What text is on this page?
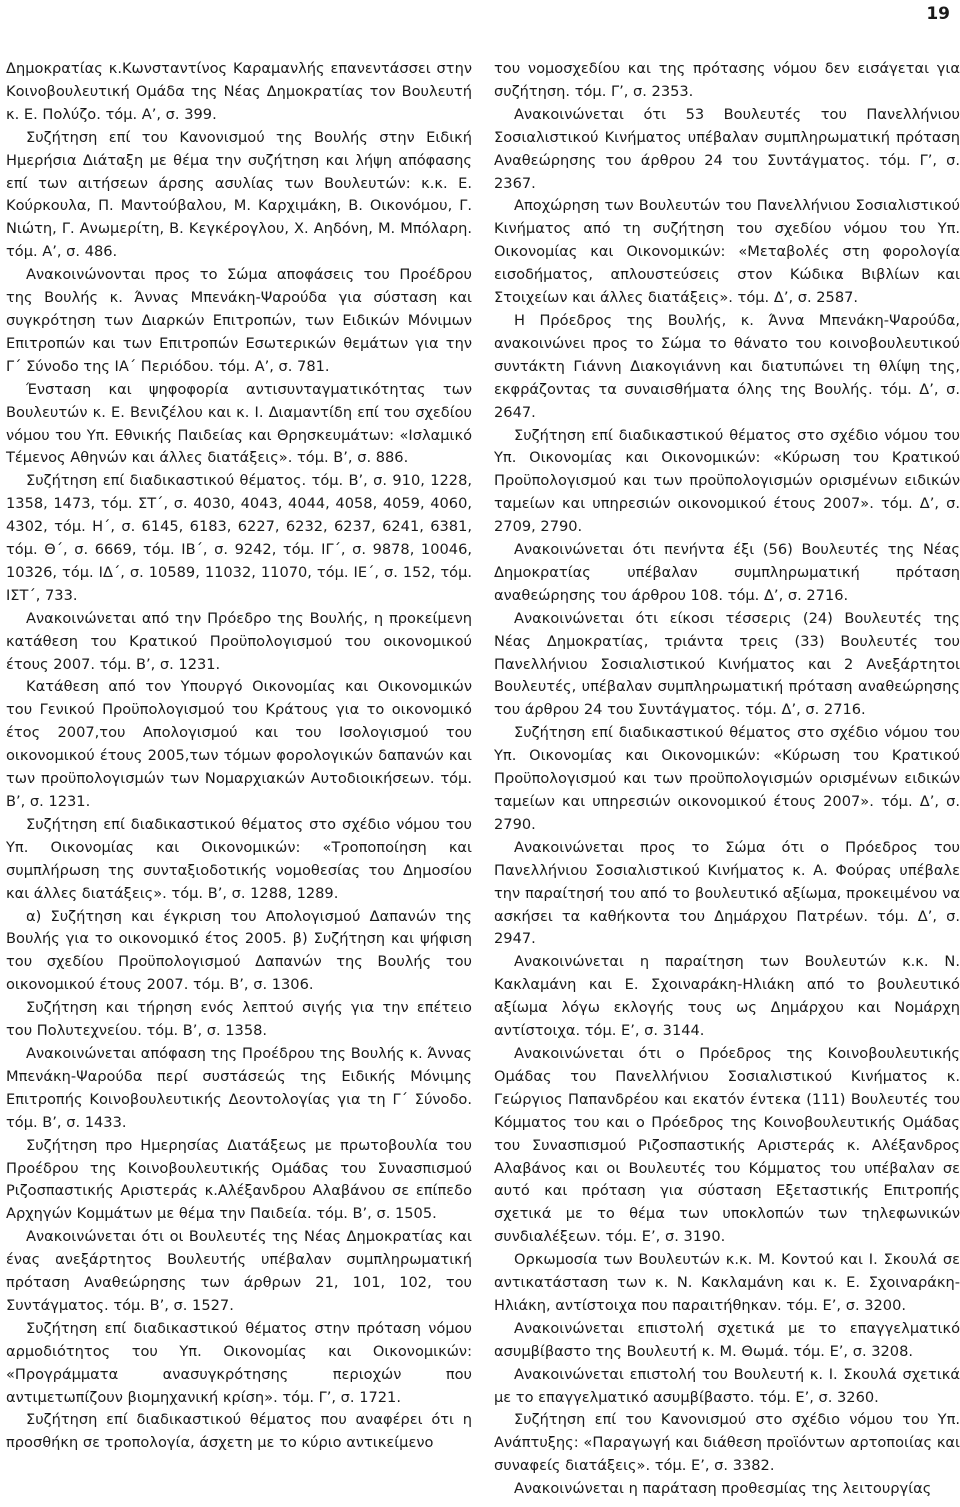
19

Δημοκρατίας κ.Κωνσταντίνος Καραμανλής επανεντάσσει στην Κοινοβουλευτική Ομάδα της Νέας Δημοκρατίας τον Βουλευτή κ. Ε. Πολύζο. τόμ. Α’, σ. 399.

Συζήτηση επί του Κανονισμού της Βουλής στην Ειδική Ημερήσια Διάταξη με θέμα την συζήτηση και λήψη απόφασης επί των αιτήσεων άρσης ασυλίας των Βουλευτών: κ.κ. Ε. Κούρκουλα, Π. Μαντούβαλου, Μ. Καρχιμάκη, Β. Οικονόμου, Γ. Νιώτη, Γ. Ανωμερίτη, Β. Κεγκέρογλου, Χ. Αηδόνη, Μ. Μπόλαρη. τόμ. Α’, σ. 486.

Ανακοινώνονται προς το Σώμα αποφάσεις του Προέδρου της Βουλής κ. Άννας Μπενάκη-Ψαρούδα για σύσταση και συγκρότηση των Διαρκών Επιτροπών, των Ειδικών Μόνιμων Επιτροπών και των Επιτροπών Εσωτερικών θεμάτων για την Γ΄ Σύνοδο της ΙΑ΄ Περιόδου. τόμ. Α’, σ. 781.

Ένσταση και ψηφοφορία αντισυνταγματικότητας των Βουλευτών κ. Ε. Βενιζέλου και κ. Ι. Διαμαντίδη επί του σχεδίου νόμου του Υπ. Εθνικής Παιδείας και Θρησκευμάτων: «Ισλαμικό Τέμενος Αθηνών και άλλες διατάξεις». τόμ. Β’, σ. 886.

Συζήτηση επί διαδικαστικού θέματος. τόμ. Β’, σ. 910, 1228, 1358, 1473, τόμ. ΣΤ΄, σ. 4030, 4043, 4044, 4058, 4059, 4060, 4302, τόμ. Η΄, σ. 6145, 6183, 6227, 6232, 6237, 6241, 6381, τόμ. Θ΄, σ. 6669, τόμ. ΙΒ΄, σ. 9242, τόμ. ΙΓ΄, σ. 9878, 10046, 10326, τόμ. ΙΔ΄, σ. 10589, 11032, 11070, τόμ. ΙΕ΄, σ. 152, τόμ. ΙΣΤ΄, 733.

Ανακοινώνεται από την Πρόεδρο της Βουλής, η προκείμενη κατάθεση του Κρατικού Προϋπολογισμού του οικονομικού έτους 2007. τόμ. Β’, σ. 1231.

Κατάθεση από τον Υπουργό Οικονομίας και Οικονομικών του Γενικού Προϋπολογισμού του Κράτους για το οικονομικό έτος 2007,του Απολογισμού και του Ισολογισμού του οικονομικού έτους 2005,των τόμων φορολογικών δαπανών και των προϋπολογισμών των Νομαρχιακών Αυτοδιοικήσεων. τόμ. Β’, σ. 1231.

Συζήτηση επί διαδικαστικού θέματος στο σχέδιο νόμου του Υπ. Οικονομίας και Οικονομικών: «Τροποποίηση και συμπλήρωση της συνταξιοδοτικής νομοθεσίας του Δημοσίου και άλλες διατάξεις». τόμ. Β’, σ. 1288, 1289.

α) Συζήτηση και έγκριση του Απολογισμού Δαπανών της Βουλής για το οικονομικό έτος 2005. β) Συζήτηση και ψήφιση του σχεδίου Προϋπολογισμού Δαπανών της Βουλής του οικονομικού έτους 2007. τόμ. Β’, σ. 1306.

Συζήτηση και τήρηση ενός λεπτού σιγής για την επέτειο του Πολυτεχνείου. τόμ. Β’, σ. 1358.

Ανακοινώνεται απόφαση της Προέδρου της Βουλής κ. Άννας Μπενάκη-Ψαρούδα περί συστάσεώς της Ειδικής Μόνιμης Επιτροπής Κοινοβουλευτικής Δεοντολογίας για τη Γ΄ Σύνοδο. τόμ. Β’, σ. 1433.

Συζήτηση προ Ημερησίας Διατάξεως με πρωτοβουλία του Προέδρου της Κοινοβουλευτικής Ομάδας του Συνασπισμού Ριζοσπαστικής Αριστεράς κ.Αλέξανδρου Αλαβάνου σε επίπεδο Αρχηγών Κομμάτων με θέμα την Παιδεία. τόμ. Β’, σ. 1505.

Ανακοινώνεται ότι οι Βουλευτές της Νέας Δημοκρατίας και ένας ανεξάρτητος Βουλευτής υπέβαλαν συμπληρωματική πρόταση Αναθεώρησης των άρθρων 21, 101, 102, του Συντάγματος. τόμ. Β’, σ. 1527.

Συζήτηση επί διαδικαστικού θέματος στην πρόταση νόμου αρμοδιότητος του Υπ. Οικονομίας και Οικονομικών: «Προγράμματα ανασυγκρότησης περιοχών που αντιμετωπίζουν βιομηχανική κρίση». τόμ. Γ’, σ. 1721.

Συζήτηση επί διαδικαστικού θέματος που αναφέρει ότι η προσθήκη σε τροπολογία, άσχετη με το κύριο αντικείμενο

του νομοσχεδίου και της πρότασης νόμου δεν εισάγεται για συζήτηση. τόμ. Γ’, σ. 2353.

Ανακοινώνεται ότι 53 Βουλευτές του Πανελλήνιου Σοσιαλιστικού Κινήματος υπέβαλαν συμπληρωματική πρόταση Αναθεώρησης του άρθρου 24 του Συντάγματος. τόμ. Γ’, σ. 2367.

Αποχώρηση των Βουλευτών του Πανελλήνιου Σοσιαλιστικού Κινήματος από τη συζήτηση του σχεδίου νόμου του Υπ. Οικονομίας και Οικονομικών: «Μεταβολές στη φορολογία εισοδήματος, απλουστεύσεις στον Κώδικα Βιβλίων και Στοιχείων και άλλες διατάξεις». τόμ. Δ’, σ. 2587.

Η Πρόεδρος της Βουλής, κ. Άννα Μπενάκη-Ψαρούδα, ανακοινώνει προς το Σώμα το θάνατο του κοινοβουλευτικού συντάκτη Γιάννη Διακογιάννη και διατυπώνει τη θλίψη της, εκφράζοντας τα συναισθήματα όλης της Βουλής. τόμ. Δ’, σ. 2647.

Συζήτηση επί διαδικαστικού θέματος στο σχέδιο νόμου του Υπ. Οικονομίας και Οικονομικών: «Κύρωση του Κρατικού Προϋπολογισμού και των προϋπολογισμών ορισμένων ειδικών ταμείων και υπηρεσιών οικονομικού έτους 2007». τόμ. Δ’, σ. 2709, 2790.

Ανακοινώνεται ότι πενήντα έξι (56) Βουλευτές της Νέας Δημοκρατίας υπέβαλαν συμπληρωματική πρόταση αναθεώρησης του άρθρου 108. τόμ. Δ’, σ. 2716.

Ανακοινώνεται ότι είκοσι τέσσερις (24) Βουλευτές της Νέας Δημοκρατίας, τριάντα τρεις (33) Βουλευτές του Πανελλήνιου Σοσιαλιστικού Κινήματος και 2 Ανεξάρτητοι Βουλευτές, υπέβαλαν συμπληρωματική πρόταση αναθεώρησης του άρθρου 24 του Συντάγματος. τόμ. Δ’, σ. 2716.

Συζήτηση επί διαδικαστικού θέματος στο σχέδιο νόμου του Υπ. Οικονομίας και Οικονομικών: «Κύρωση του Κρατικού Προϋπολογισμού και των προϋπολογισμών ορισμένων ειδικών ταμείων και υπηρεσιών οικονομικού έτους 2007». τόμ. Δ’, σ. 2790.

Ανακοινώνεται προς το Σώμα ότι ο Πρόεδρος του Πανελλήνιου Σοσιαλιστικού Κινήματος κ. Α. Φούρας υπέβαλε την παραίτησή του από το βουλευτικό αξίωμα, προκειμένου να ασκήσει τα καθήκοντα του Δημάρχου Πατρέων. τόμ. Δ’, σ. 2947.

Ανακοινώνεται η παραίτηση των Βουλευτών κ.κ. Ν. Κακλαμάνη και Ε. Σχοιναράκη-Ηλιάκη από το βουλευτικό αξίωμα λόγω εκλογής τους ως Δημάρχου και Νομάρχη αντίστοιχα. τόμ. Ε’, σ. 3144.

Ανακοινώνεται ότι ο Πρόεδρος της Κοινοβουλευτικής Ομάδας του Πανελλήνιου Σοσιαλιστικού Κινήματος κ. Γεώργιος Παπανδρέου και εκατόν έντεκα (111) Βουλευτές του Κόμματος του και ο Πρόεδρος της Κοινοβουλευτικής Ομάδας του Συνασπισμού Ριζοσπαστικής Αριστεράς κ. Αλέξανδρος Αλαβάνος και οι Βουλευτές του Κόμματος του υπέβαλαν σε αυτό και πρόταση για σύσταση Εξεταστικής Επιτροπής σχετικά με το θέμα των υποκλοπών των τηλεφωνικών συνδιαλέξεων. τόμ. Ε’, σ. 3190.

Ορκωμοσία των Βουλευτών κ.κ. Μ. Κοντού και Ι. Σκουλά σε αντικατάσταση των κ. Ν. Κακλαμάνη και κ. Ε. Σχοιναράκη-Ηλιάκη, αντίστοιχα που παραιτήθηκαν. τόμ. Ε’, σ. 3200.

Ανακοινώνεται επιστολή σχετικά με το επαγγελματικό ασυμβίβαστο της Βουλευτή κ. Μ. Θωμά. τόμ. Ε’, σ. 3208.

Ανακοινώνεται επιστολή του Βουλευτή κ. Ι. Σκουλά σχετικά με το επαγγελματικό ασυμβίβαστο. τόμ. Ε’, σ. 3260.

Συζήτηση επί του Κανονισμού στο σχέδιο νόμου του Υπ. Ανάπτυξης: «Παραγωγή και διάθεση προϊόντων αρτοποιίας και συναφείς διατάξεις». τόμ. Ε’, σ. 3382.

Ανακοινώνεται η παράταση προθεσμίας της λειτουργίας
